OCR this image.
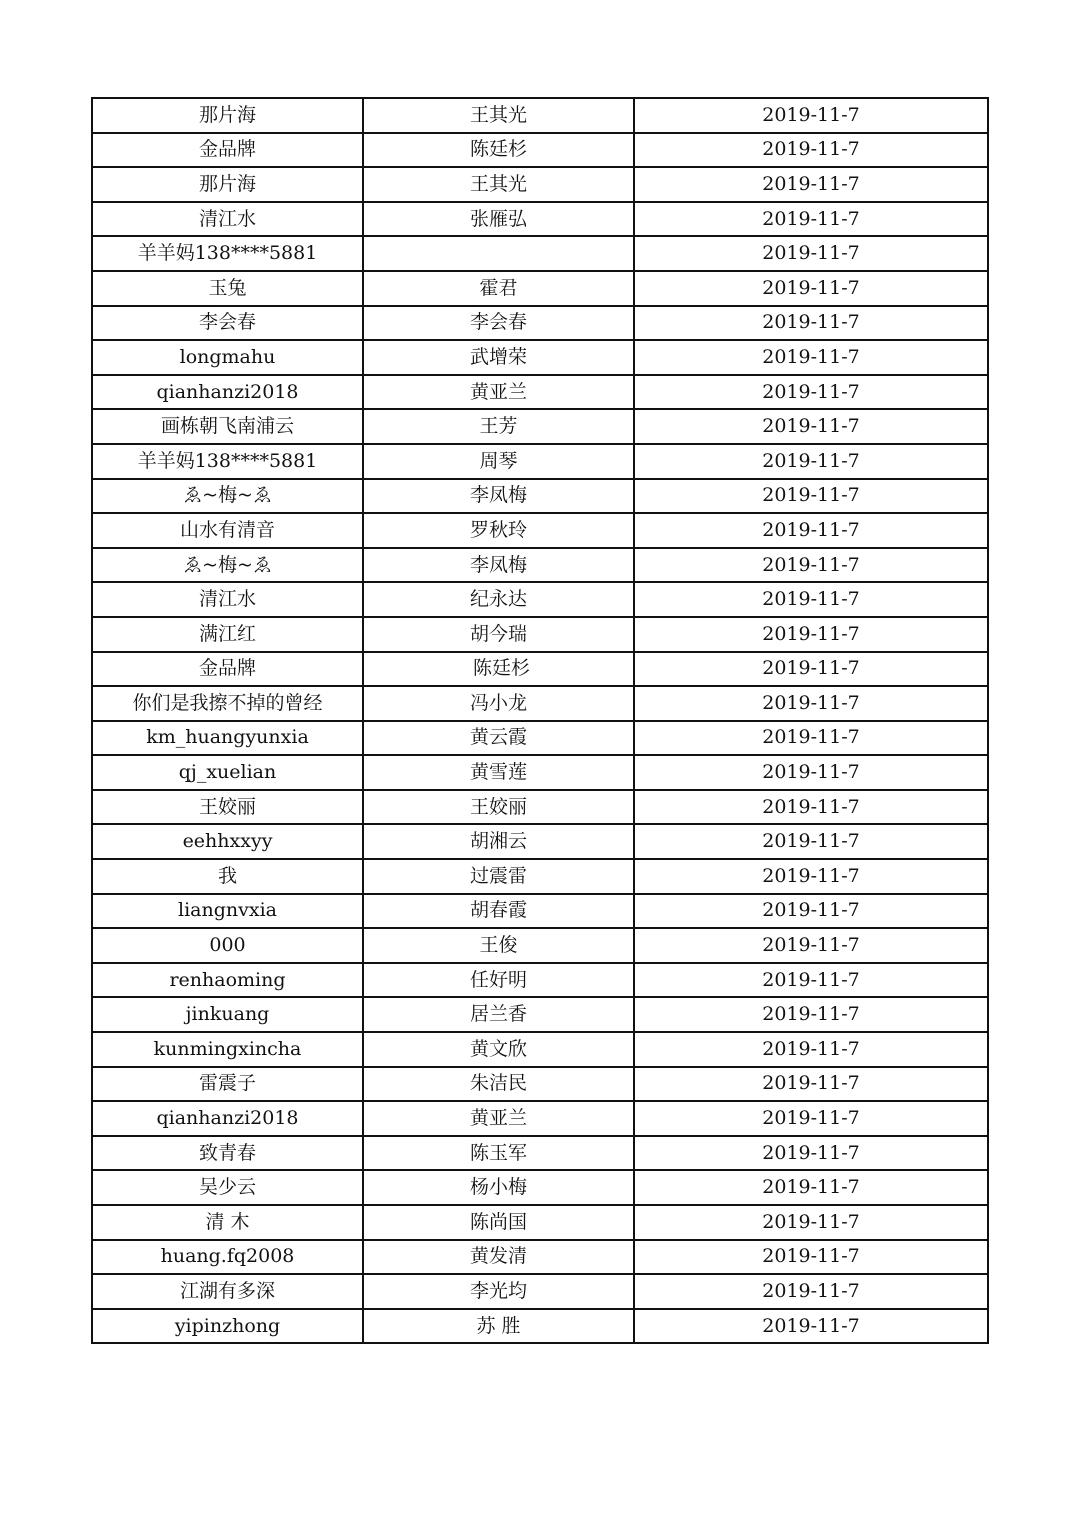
那片海	王其光	2019-11-7
金品牌	陈廷杉	2019-11-7
那片海	王其光	2019-11-7
清江水	张雁弘	2019-11-7
羊羊妈138****5881		2019-11-7
玉兔	霍君	2019-11-7
李会春	李会春	2019-11-7
longmahu	武增荣	2019-11-7
qianhanzi2018	黄亚兰	2019-11-7
画栋朝飞南浦云	王芳	2019-11-7
羊羊妈138****5881	周琴	2019-11-7
ゑ~梅~ゑ	李凤梅	2019-11-7
山水有清音	罗秋玲	2019-11-7
ゑ~梅~ゑ	李凤梅	2019-11-7
清江水	纪永达	2019-11-7
满江红	胡今瑞	2019-11-7
金品牌	陈廷杉	2019-11-7
你们是我擦不掉的曾经	冯小龙	2019-11-7
km_huangyunxia	黄云霞	2019-11-7
qj_xuelian	黄雪莲	2019-11-7
王姣丽	王姣丽	2019-11-7
eehhxxyy	胡湘云	2019-11-7
我	过震雷	2019-11-7
liangnvxia	胡春霞	2019-11-7
000	王俊	2019-11-7
renhaoming	任好明	2019-11-7
jinkuang	居兰香	2019-11-7
kunmingxincha	黄文欣	2019-11-7
雷震子	朱洁民	2019-11-7
qianhanzi2018	黄亚兰	2019-11-7
致青春	陈玉军	2019-11-7
吴少云	杨小梅	2019-11-7
清 木	陈尚国	2019-11-7
huang.fq2008	黄发清	2019-11-7
江湖有多深	李光均	2019-11-7
yipinzhong	苏 胜	2019-11-7
